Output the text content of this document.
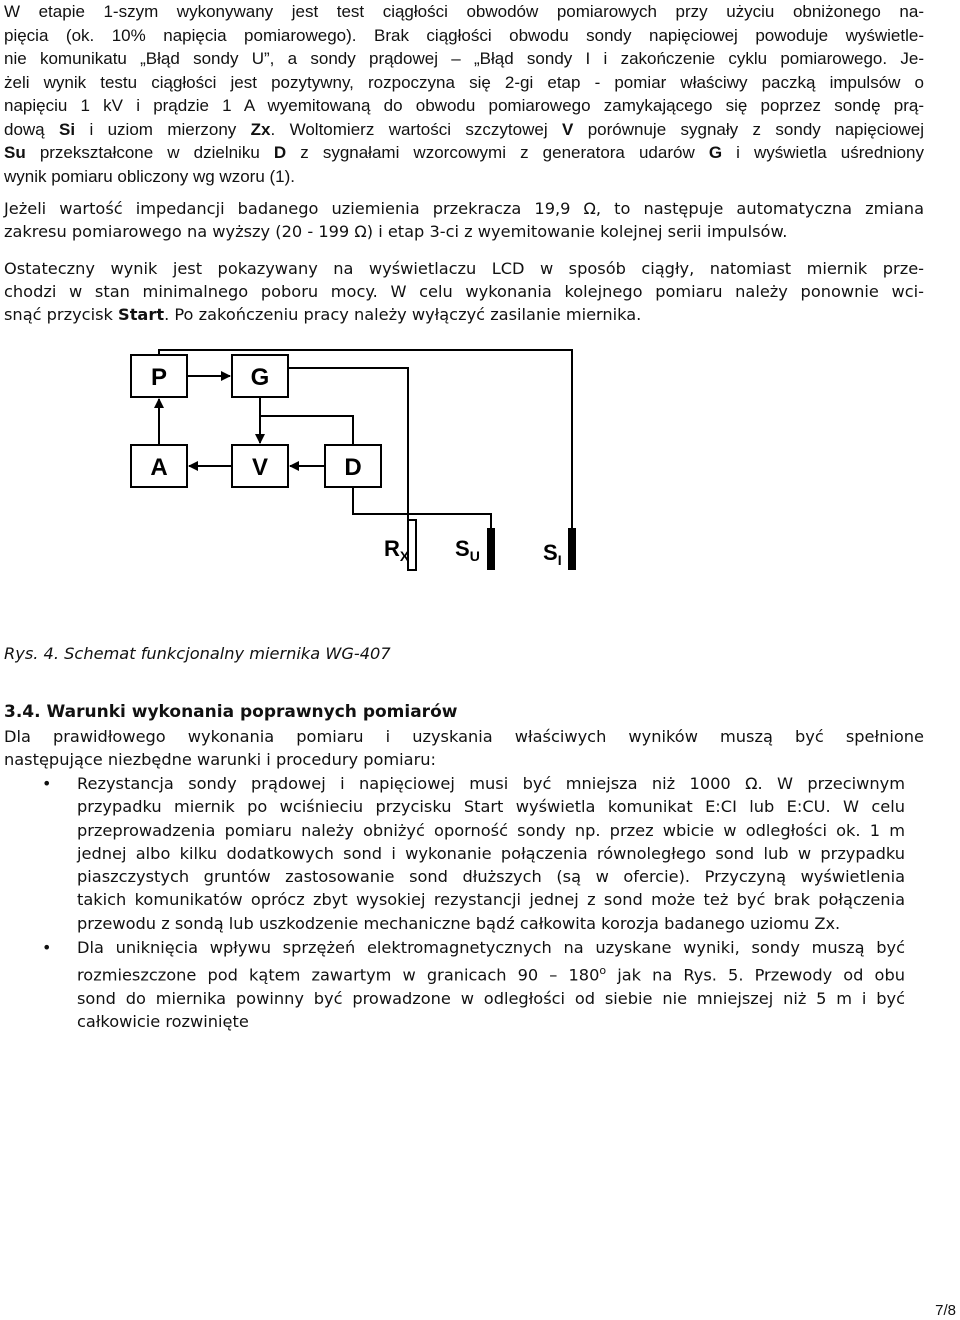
W etapie 1-szym wykonywany jest test ciągłości obwodów pomiarowych przy użyciu obniżonego na-
pięcia (ok. 10% napięcia pomiarowego). Brak ciągłości obwodu sondy napięciowej powoduje wyświetle-
nie komunikatu „Błąd sondy U”, a sondy prądowej – „Błąd sondy I i zakończenie cyklu pomiarowego. Je-
żeli wynik testu ciągłości jest pozytywny, rozpoczyna się 2-gi etap - pomiar właściwy paczką impulsów o
napięciu 1 kV i prądzie 1 A wyemitowaną do obwodu pomiarowego zamykającego się poprzez sondę prą-
dową Si i uziom mierzony Zx. Woltomierz wartości szczytowej V porównuje sygnały z sondy napięciowej
Su przekształcone w dzielniku D z sygnałami wzorcowymi z generatora udarów G i wyświetla uśredniony
wynik pomiaru obliczony wg wzoru (1).
Jeżeli wartość impedancji badanego uziemienia przekracza 19,9 Ω, to następuje automatyczna zmiana
zakresu pomiarowego na wyższy (20 - 199 Ω) i etap 3-ci z wyemitowanie kolejnej serii impulsów.
Ostateczny wynik jest pokazywany na wyświetlaczu LCD w sposób ciągły, natomiast miernik prze-
chodzi w stan minimalnego poboru mocy. W celu wykonania kolejnego pomiaru należy ponownie wci-
snąć przycisk Start. Po zakończeniu pracy należy wyłączyć zasilanie miernika.
P	G
A	V	D
$R_X$ $S_U$	$S_I$
Rys. 4. Schemat funkcjonalny miernika WG-407
3.4. Warunki wykonania poprawnych pomiarów
Dla prawidłowego wykonania pomiaru i uzyskania właściwych wyników muszą być spełnione
następujące niezbędne warunki i procedury pomiaru:
• Rezystancja sondy prądowej i napięciowej musi być mniejsza niż 1000 Ω. W przeciwnym
przypadku miernik po wciśnieciu przycisku Start wyświetla komunikat E:CI lub E:CU. W celu
przeprowadzenia pomiaru należy obniżyć oporność sondy np. przez wbicie w odległości ok. 1 m
jednej albo kilku dodatkowych sond i wykonanie połączenia równoległego sond lub w przypadku
piaszczystych gruntów zastosowanie sond dłuższych (są w ofercie). Przyczyną wyświetlenia
takich komunikatów oprócz zbyt wysokiej rezystancji jednej z sond może też być brak połączenia
przewodu z sondą lub uszkodzenie mechaniczne bądź całkowita korozja badanego uziomu Zx.
• Dla uniknięcia wpływu sprzężeń elektromagnetycznych na uzyskane wyniki, sondy muszą być
rozmieszczone pod kątem zawartym w granicach 90 – 180$^o$ jak na Rys. 5. Przewody od obu
sond do miernika powinny być prowadzone w odległości od siebie nie mniejszej niż 5 m i być
całkowicie rozwinięte
7/8
